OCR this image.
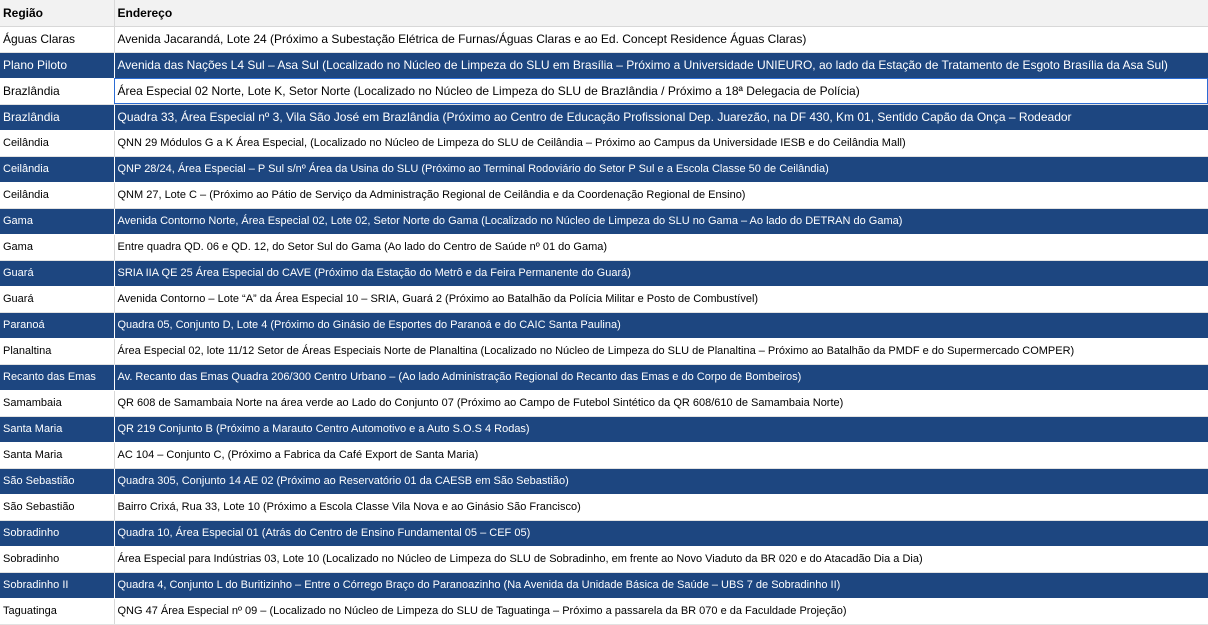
Região	Endereço
Águas Claras	Avenida Jacarandá, Lote 24 (Próximo a Subestação Elétrica de Furnas/Águas Claras e ao Ed. Concept Residence Águas Claras)
Plano Piloto	Avenida das Nações L4 Sul – Asa Sul (Localizado no Núcleo de Limpeza do SLU em Brasília – Próximo a Universidade UNIEURO, ao lado da Estação de Tratamento de Esgoto Brasília da Asa Sul)
Brazlândia	Área Especial 02 Norte, Lote K, Setor Norte (Localizado no Núcleo de Limpeza do SLU de Brazlândia / Próximo a 18ª Delegacia de Polícia)
Brazlândia	Quadra 33, Área Especial nº 3, Vila São José em Brazlândia (Próximo ao Centro de Educação Profissional Dep. Juarezão, na DF 430, Km 01, Sentido Capão da Onça – Rodeador
Ceilândia	QNN 29 Módulos G a K Área Especial, (Localizado no Núcleo de Limpeza do SLU de Ceilândia – Próximo ao Campus da Universidade IESB e do Ceilândia Mall)
Ceilândia	QNP 28/24, Área Especial – P Sul s/nº Área da Usina do SLU (Próximo ao Terminal Rodoviário do Setor P Sul e a Escola Classe 50 de Ceilândia)
Ceilândia	QNM 27, Lote C – (Próximo ao Pátio de Serviço da Administração Regional de Ceilândia e da Coordenação Regional de Ensino)
Gama	Avenida Contorno Norte, Área Especial 02, Lote 02, Setor Norte do Gama (Localizado no Núcleo de Limpeza do SLU no Gama – Ao lado do DETRAN do Gama)
Gama	Entre quadra QD. 06 e QD. 12, do Setor Sul do Gama (Ao lado do Centro de Saúde nº 01 do Gama)
Guará	SRIA IIA QE 25 Área Especial do CAVE (Próximo da Estação do Metrô e da Feira Permanente do Guará)
Guará	Avenida Contorno – Lote “A” da Área Especial 10 – SRIA, Guará 2 (Próximo ao Batalhão da Polícia Militar e Posto de Combustível)
Paranoá	Quadra 05, Conjunto D, Lote 4 (Próximo do Ginásio de Esportes do Paranoá e do CAIC Santa Paulina)
Planaltina	Área Especial 02, lote 11/12 Setor de Áreas Especiais Norte de Planaltina (Localizado no Núcleo de Limpeza do SLU de Planaltina – Próximo ao Batalhão da PMDF e do Supermercado COMPER)
Recanto das Emas	Av. Recanto das Emas Quadra 206/300 Centro Urbano – (Ao lado Administração Regional do Recanto das Emas e do Corpo de Bombeiros)
Samambaia	QR 608 de Samambaia Norte na área verde ao Lado do Conjunto 07 (Próximo ao Campo de Futebol Sintético da QR 608/610 de Samambaia Norte)
Santa Maria	QR 219 Conjunto B (Próximo a Marauto Centro Automotivo e a Auto S.O.S 4 Rodas)
Santa Maria	AC 104 – Conjunto C, (Próximo a Fabrica da Café Export de Santa Maria)
São Sebastião	Quadra 305, Conjunto 14 AE 02 (Próximo ao Reservatório 01 da CAESB em São Sebastião)
São Sebastião	Bairro Crixá, Rua 33, Lote 10 (Próximo a Escola Classe Vila Nova e ao Ginásio São Francisco)
Sobradinho	Quadra 10, Área Especial 01 (Atrás do Centro de Ensino Fundamental 05 – CEF 05)
Sobradinho	Área Especial para Indústrias 03, Lote 10 (Localizado no Núcleo de Limpeza do SLU de Sobradinho, em frente ao Novo Viaduto da BR 020 e do Atacadão Dia a Dia)
Sobradinho II	Quadra 4, Conjunto L do Buritizinho – Entre o Córrego Braço do Paranoazinho (Na Avenida da Unidade Básica de Saúde – UBS 7 de Sobradinho II)
Taguatinga	QNG 47 Área Especial nº 09 – (Localizado no Núcleo de Limpeza do SLU de Taguatinga – Próximo a passarela da BR 070 e da Faculdade Projeção)
